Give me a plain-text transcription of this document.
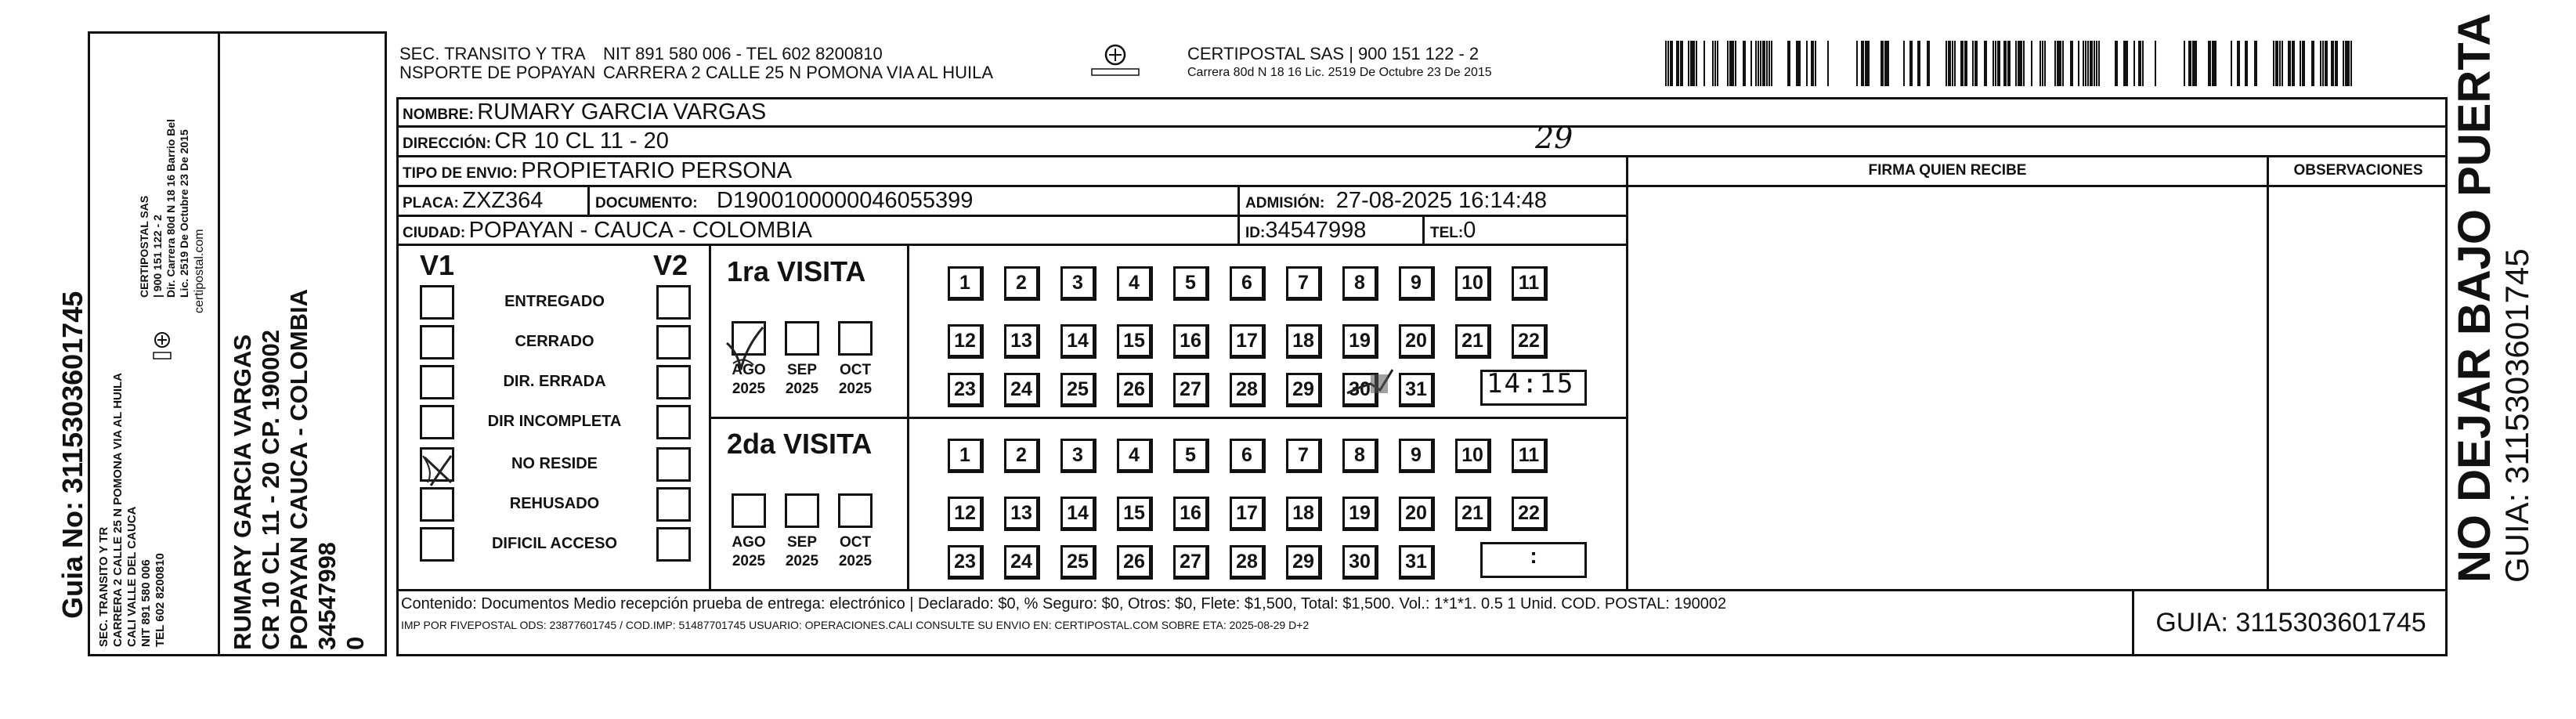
Guia No: 3115303601745 SEC. TRANSITO Y TR CARRERA 2 CALLE 25 N POMONA VIA AL HUILA CALI VALLE DEL CAUCA NIT 891 580 006 TEL 602 8200810
CERTIPOSTAL SAS | 900 151 122 - 2 Dir. Carrera 80d N 18 16 Barrio Bel Lic. 2519 De Octubre 23 De 2015 certipostal.com
RUMARY GARCIA VARGAS CR 10 CL 11 - 20 CP. 190002 POPAYAN CAUCA - COLOMBIA 34547998 0
SEC. TRANSITO Y TRA
NSPORTE DE POPAYAN
NIT 891 580 006 - TEL 602 8200810
CARRERA 2 CALLE 25 N POMONA VIA AL HUILA
CERTIPOSTAL SAS | 900 151 122 - 2
Carrera 80d N 18 16 Lic. 2519 De Octubre 23 De 2015
NOMBRE: RUMARY GARCIA VARGAS
DIRECCIÓN: CR 10 CL 11 - 20	29
TIPO DE ENVIO: PROPIETARIO PERSONA	FIRMA QUIEN RECIBE	OBSERVACIONES
PLACA: ZXZ364	DOCUMENTO: D1900100000046055399	ADMISIÓN: 27-08-2025 16:14:48
CIUDAD: POPAYAN - CAUCA - COLOMBIA	ID:34547998	TEL:0
V1	V2
ENTREGADO
CERRADO
DIR. ERRADA
DIR INCOMPLETA
NO RESIDE
REHUSADO
DIFICIL ACCESO
1ra VISITA
2da VISITA
AGO
2025
SEP
2025
OCT
2025
AGO
2025
SEP
2025
OCT
2025
1	2	3	4	5	6	7	8	9	10	11
12	13	14	15	16	17	18	19	20	21	22
23	24	25	26	27	28	29	30	31
1	2	3	4	5	6	7	8	9	10	11
12	13	14	15	16	17	18	19	20	21	22
23	24	25	26	27	28	29	30	31
14:15
:
Contenido: Documentos Medio recepción prueba de entrega: electrónico | Declarado: $0, % Seguro: $0, Otros: $0, Flete: $1,500, Total: $1,500. Vol.: 1*1*1. 0.5 1 Unid. COD. POSTAL: 190002
IMP POR FIVEPOSTAL ODS: 23877601745 / COD.IMP: 51487701745 USUARIO: OPERACIONES.CALI CONSULTE SU ENVIO EN: CERTIPOSTAL.COM SOBRE ETA: 2025-08-29 D+2	GUIA: 3115303601745
NO DEJAR BAJO PUERTA
GUIA: 3115303601745
